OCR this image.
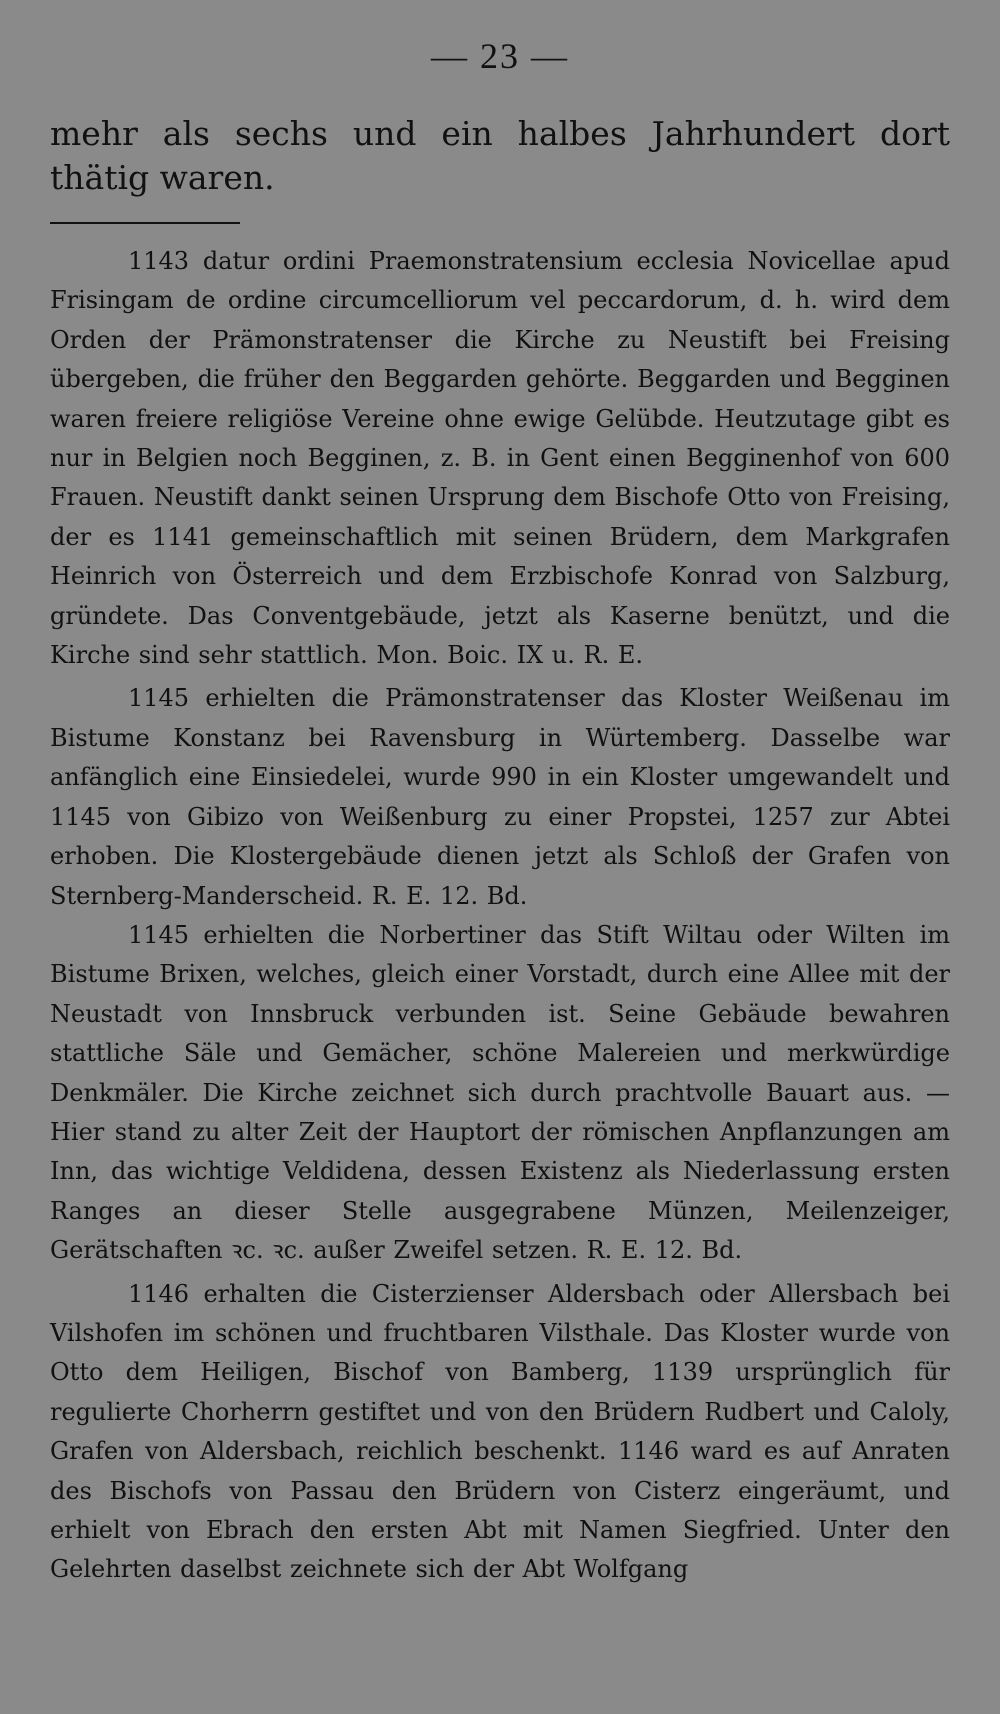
— 23 —

mehr als sechs und ein halbes Jahrhundert dort thätig waren.

1143 datur ordini Praemonstratensium ecclesia Novicellae apud Frisingam de ordine circumcelliorum vel peccardorum, d. h. wird dem Orden der Prämonstratenser die Kirche zu Neustift bei Freising übergeben, die früher den Beggarden gehörte. Beggarden und Begginen waren freiere religiöse Vereine ohne ewige Gelübde. Heutzutage gibt es nur in Belgien noch Begginen, z. B. in Gent einen Begginenhof von 600 Frauen. Neustift dankt seinen Ursprung dem Bischofe Otto von Freising, der es 1141 gemeinschaftlich mit seinen Brüdern, dem Markgrafen Heinrich von Österreich und dem Erzbischofe Konrad von Salzburg, gründete. Das Conventgebäude, jetzt als Kaserne benützt, und die Kirche sind sehr stattlich. Mon. Boic. IX u. R. E.

1145 erhielten die Prämonstratenser das Kloster Weißenau im Bistume Konstanz bei Ravensburg in Würtemberg. Dasselbe war anfänglich eine Einsiedelei, wurde 990 in ein Kloster umgewandelt und 1145 von Gibizo von Weißenburg zu einer Propstei, 1257 zur Abtei erhoben. Die Klostergebäude dienen jetzt als Schloß der Grafen von Sternberg-Manderscheid. R. E. 12. Bd.

1145 erhielten die Norbertiner das Stift Wiltau oder Wilten im Bistume Brixen, welches, gleich einer Vorstadt, durch eine Allee mit der Neustadt von Innsbruck verbunden ist. Seine Gebäude bewahren stattliche Säle und Gemächer, schöne Malereien und merkwürdige Denkmäler. Die Kirche zeichnet sich durch prachtvolle Bauart aus. — Hier stand zu alter Zeit der Hauptort der römischen Anpflanzungen am Inn, das wichtige Veldidena, dessen Existenz als Niederlassung ersten Ranges an dieser Stelle ausgegrabene Münzen, Meilenzeiger, Gerätschaften ꝛc. ꝛc. außer Zweifel setzen. R. E. 12. Bd.

1146 erhalten die Cisterzienser Aldersbach oder Allersbach bei Vilshofen im schönen und fruchtbaren Vilsthale. Das Kloster wurde von Otto dem Heiligen, Bischof von Bamberg, 1139 ursprünglich für regulierte Chorherrn gestiftet und von den Brüdern Rudbert und Caloly, Grafen von Aldersbach, reichlich beschenkt. 1146 ward es auf Anraten des Bischofs von Passau den Brüdern von Cisterz eingeräumt, und erhielt von Ebrach den ersten Abt mit Namen Siegfried. Unter den Gelehrten daselbst zeichnete sich der Abt Wolfgang
